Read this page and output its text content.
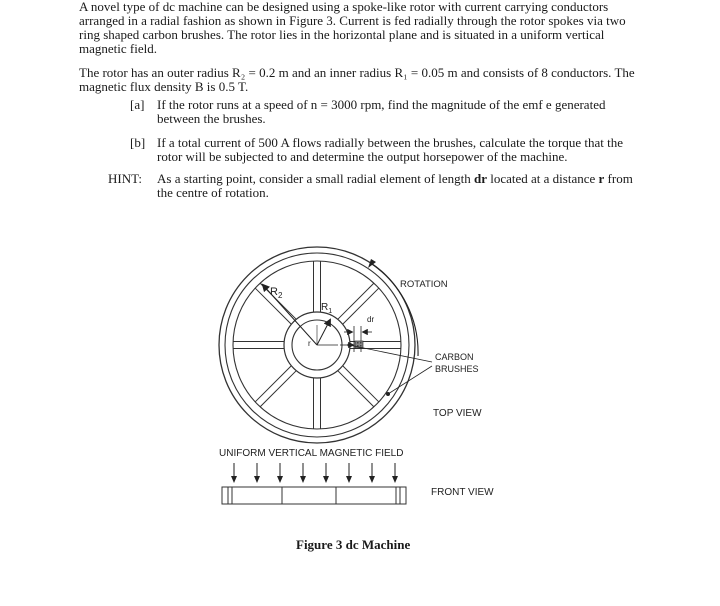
A novel type of dc machine can be designed using a spoke-like rotor with current carrying conductors arranged in a radial fashion as shown in Figure 3. Current is fed radially through the rotor spokes via two ring shaped carbon brushes. The rotor lies in the horizontal plane and is situated in a uniform vertical magnetic field.
The rotor has an outer radius R₂ = 0.2 m and an inner radius R₁ = 0.05 m and consists of 8 conductors. The magnetic flux density B is 0.5 T.
[a] If the rotor runs at a speed of n = 3000 rpm, find the magnitude of the emf e generated between the brushes.
[b] If a total current of 500 A flows radially between the brushes, calculate the torque that the rotor will be subjected to and determine the output horsepower of the machine.
HINT: As a starting point, consider a small radial element of length dr located at a distance r from the centre of rotation.
$R_2$
$R_1$
dr
r
ROTATION
CARBON
BRUSHES
TOP VIEW
UNIFORM VERTICAL MAGNETIC FIELD
FRONT VIEW
Figure 3 dc Machine
